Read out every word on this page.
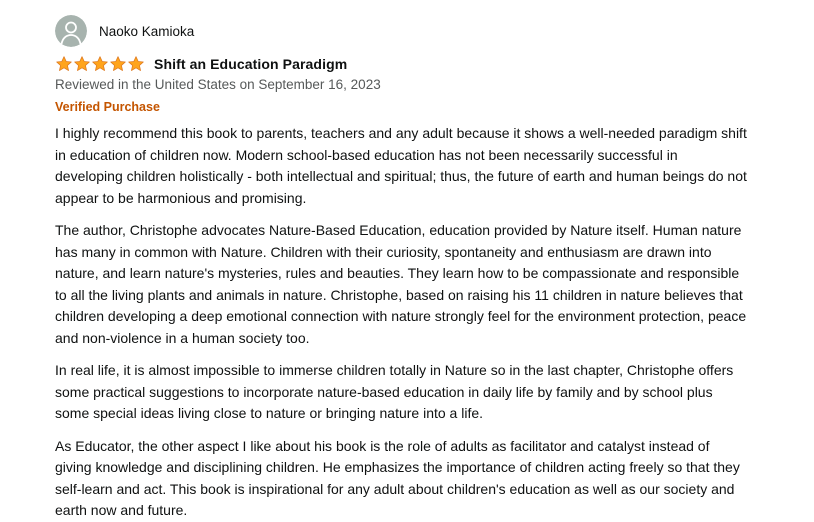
Naoko Kamioka
Shift an Education Paradigm
Reviewed in the United States on September 16, 2023
Verified Purchase

I highly recommend this book to parents, teachers and any adult because it shows a well-needed paradigm shift in education of children now. Modern school-based education has not been necessarily successful in developing children holistically - both intellectual and spiritual; thus, the future of earth and human beings do not appear to be harmonious and promising.

The author, Christophe advocates Nature-Based Education, education provided by Nature itself. Human nature has many in common with Nature. Children with their curiosity, spontaneity and enthusiasm are drawn into nature, and learn nature's mysteries, rules and beauties. They learn how to be compassionate and responsible to all the living plants and animals in nature. Christophe, based on raising his 11 children in nature believes that children developing a deep emotional connection with nature strongly feel for the environment protection, peace and non-violence in a human society too.

In real life, it is almost impossible to immerse children totally in Nature so in the last chapter, Christophe offers some practical suggestions to incorporate nature-based education in daily life by family and by school plus some special ideas living close to nature or bringing nature into a life.

As Educator, the other aspect I like about his book is the role of adults as facilitator and catalyst instead of giving knowledge and disciplining children. He emphasizes the importance of children acting freely so that they self-learn and act. This book is inspirational for any adult about children's education as well as our society and earth now and future.
